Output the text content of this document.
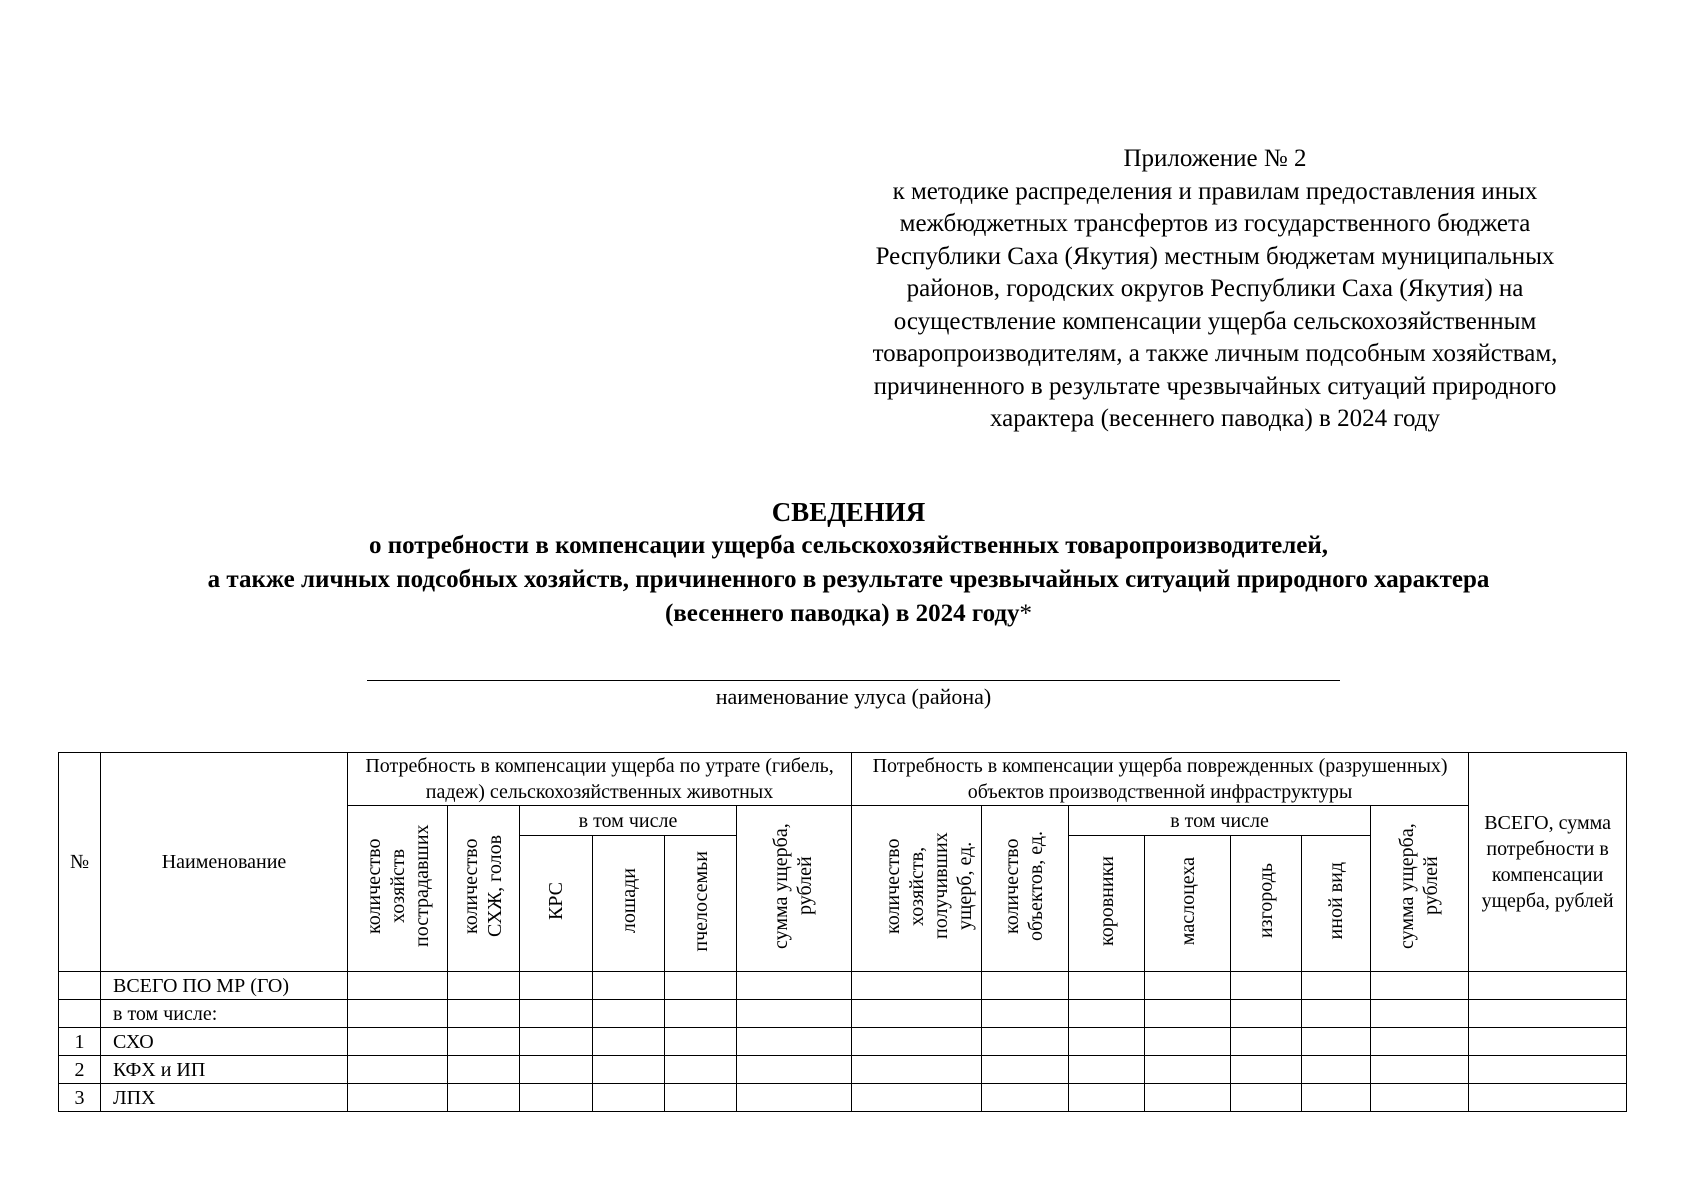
Приложение № 2
к методике распределения и правилам предоставления иных
межбюджетных трансфертов из государственного бюджета
Республики Саха (Якутия) местным бюджетам муниципальных
районов, городских округов Республики Саха (Якутия) на
осуществление компенсации ущерба сельскохозяйственным
товаропроизводителям, а также личным подсобным хозяйствам,
причиненного в результате чрезвычайных ситуаций природного
характера (весеннего паводка) в 2024 году
СВЕДЕНИЯ
о потребности в компенсации ущерба сельскохозяйственных товаропроизводителей,
а также личных подсобных хозяйств, причиненного в результате чрезвычайных ситуаций природного характера
(весеннего паводка) в 2024 году*
наименование улуса (района)
№	Наименование	Потребность в компенсации ущерба по утрате (гибель, падеж) сельскохозяйственных животных						Потребность в компенсации ущерба поврежденных (разрушенных) объектов производственной инфраструктуры							ВСЕГО, сумма потребности в компенсации ущерба, рублей
		количество хозяйств пострадавших	количество СХЖ, голов	в том числе			сумма ущерба, рублей	количество хозяйств, получивших ущерб, ед.	количество объектов, ед.	в том числе				сумма ущерба, рублей	
				КРС	лошади	пчелосемьи				коровники	маслоцеха	изгородь	иной вид		
	ВСЕГО ПО МР (ГО)														
	в том числе:														
1	СХО														
2	КФХ и ИП														
3	ЛПХ														
